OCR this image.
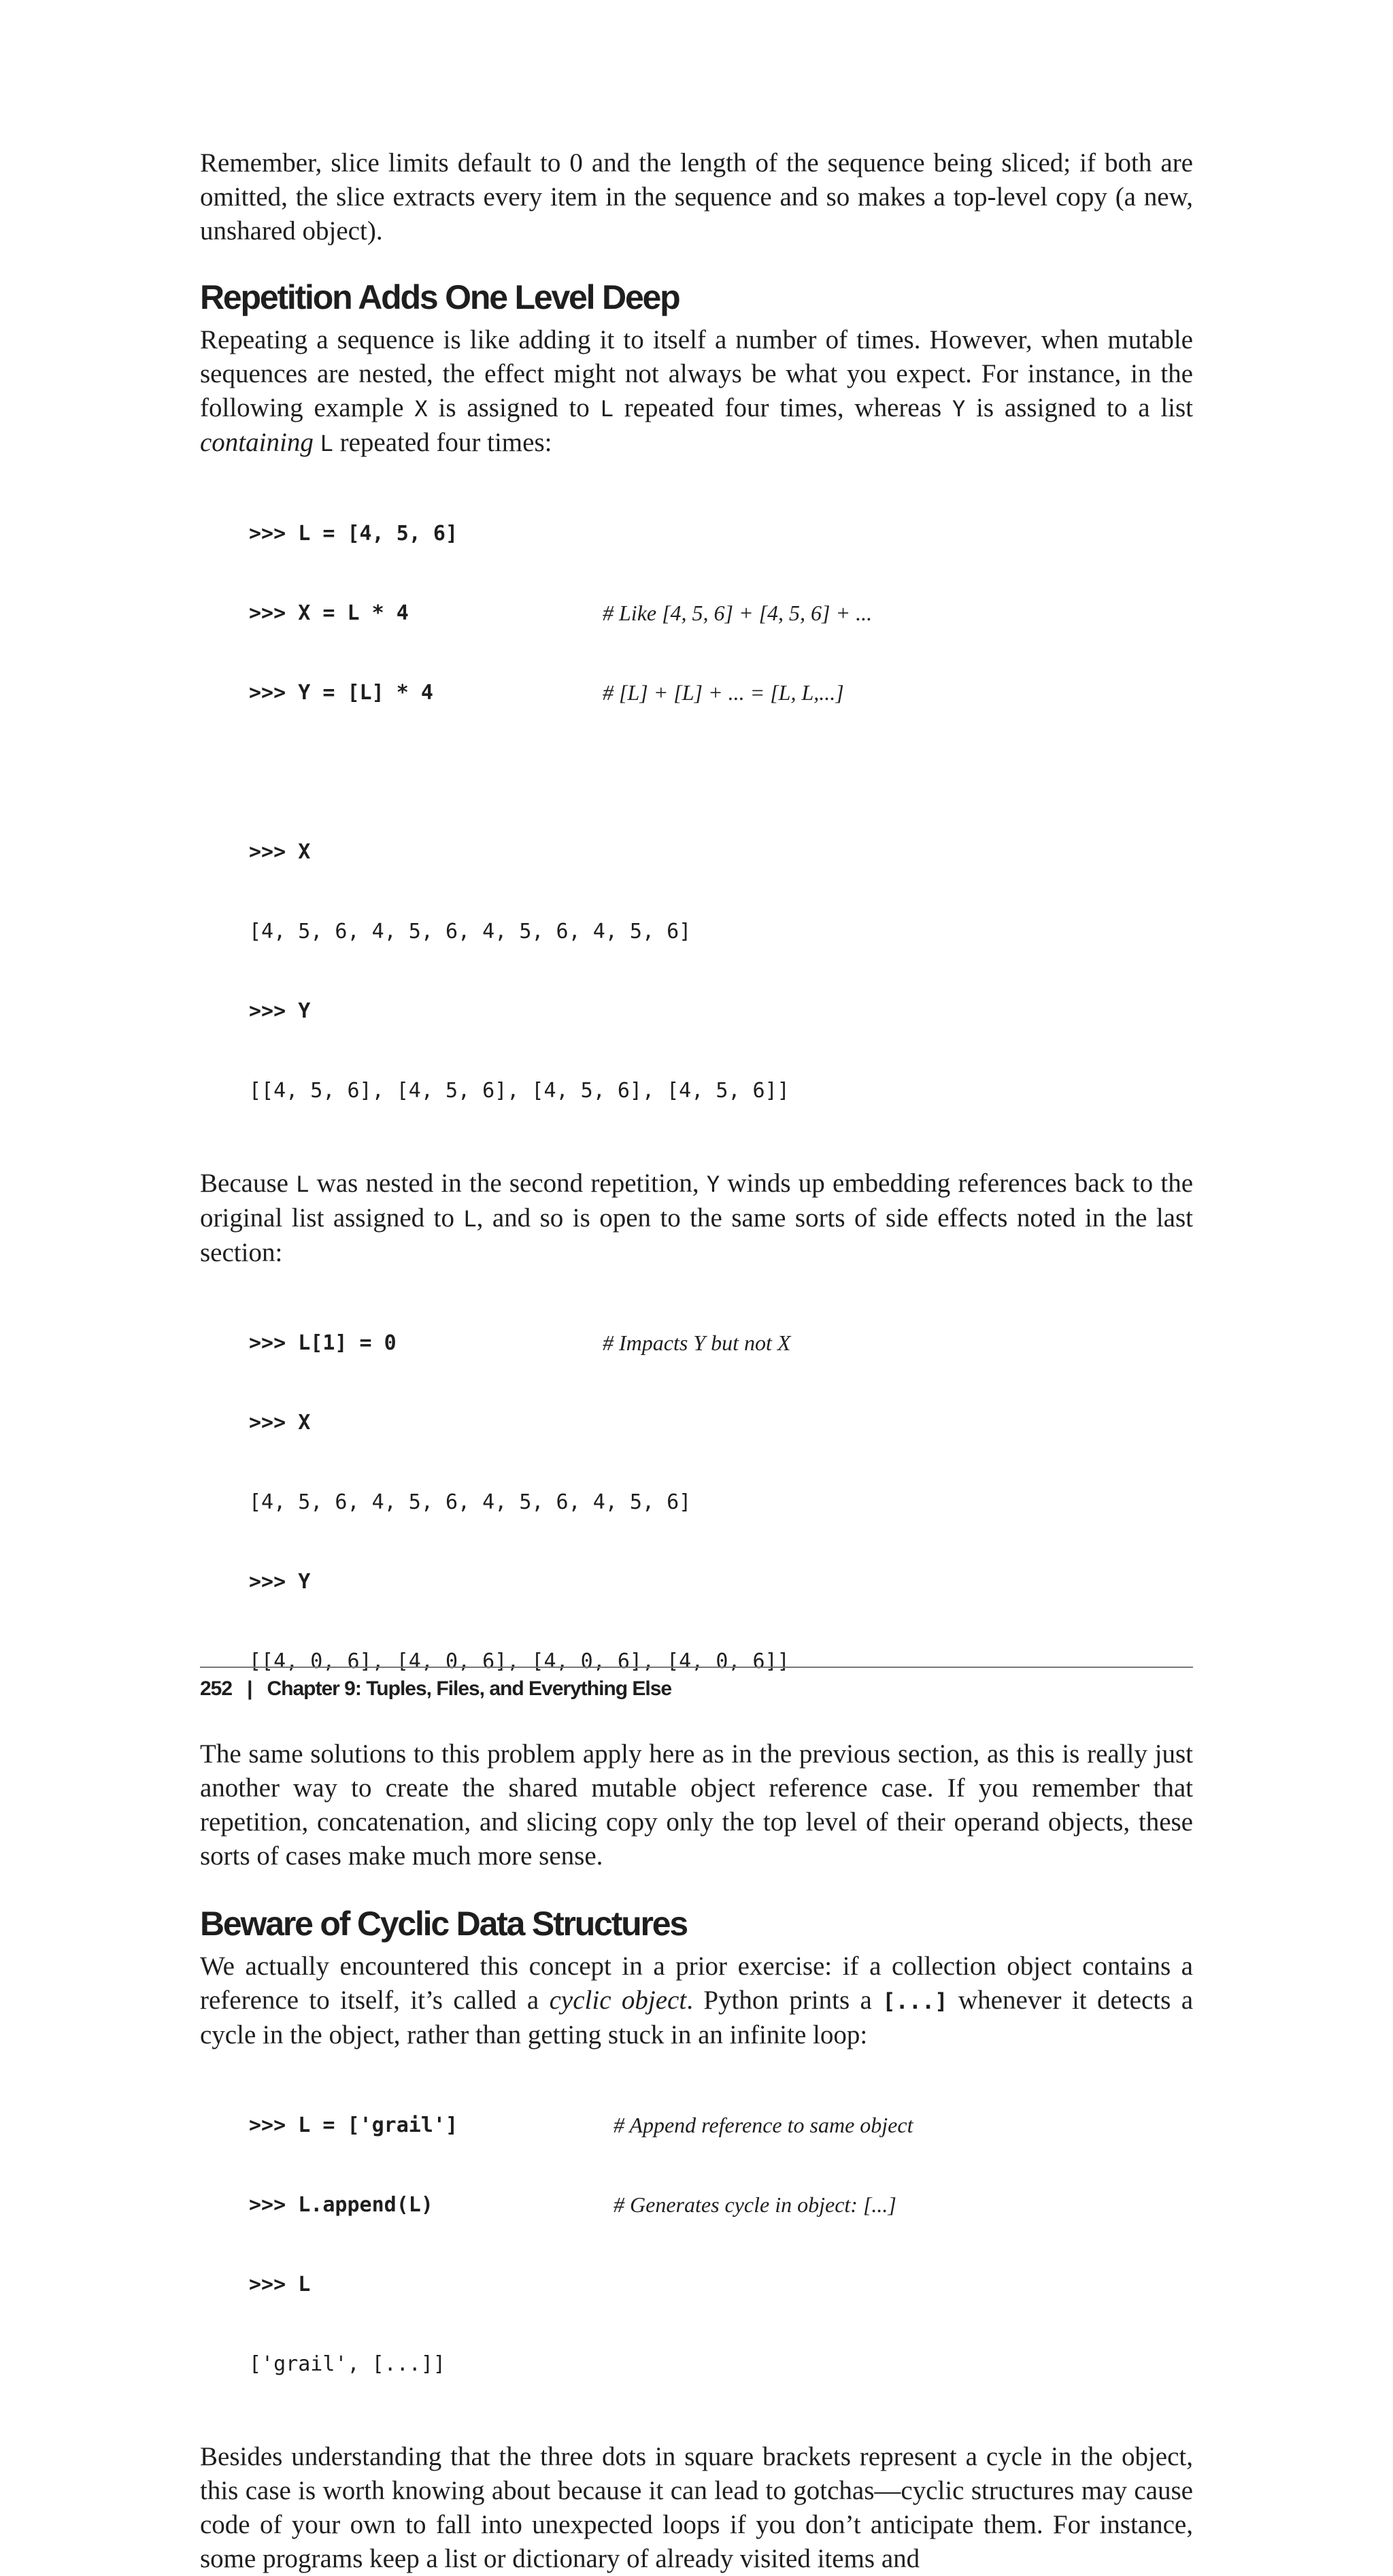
Remember, slice limits default to 0 and the length of the sequence being sliced; if both are omitted, the slice extracts every item in the sequence and so makes a top-level copy (a new, unshared object).

Repetition Adds One Level Deep

Repeating a sequence is like adding it to itself a number of times. However, when mutable sequences are nested, the effect might not always be what you expect. For instance, in the following example X is assigned to L repeated four times, whereas Y is assigned to a list containing L repeated four times:

>>> L = [4, 5, 6]

>>> X = L * 4	# Like [4, 5, 6] + [4, 5, 6] + ...

>>> Y = [L] * 4	# [L] + [L] + ... = [L, L,...]

>>> X

[4, 5, 6, 4, 5, 6, 4, 5, 6, 4, 5, 6]

>>> Y

[[4, 5, 6], [4, 5, 6], [4, 5, 6], [4, 5, 6]]

Because L was nested in the second repetition, Y winds up embedding references back to the original list assigned to L, and so is open to the same sorts of side effects noted in the last section:

>>> L[1] = 0	# Impacts Y but not X

>>> X

[4, 5, 6, 4, 5, 6, 4, 5, 6, 4, 5, 6]

>>> Y

[[4, 0, 6], [4, 0, 6], [4, 0, 6], [4, 0, 6]]

The same solutions to this problem apply here as in the previous section, as this is really just another way to create the shared mutable object reference case. If you remember that repetition, concatenation, and slicing copy only the top level of their operand objects, these sorts of cases make much more sense.

Beware of Cyclic Data Structures

We actually encountered this concept in a prior exercise: if a collection object contains a reference to itself, it’s called a cyclic object. Python prints a [...] whenever it detects a cycle in the object, rather than getting stuck in an infinite loop:

>>> L = ['grail']	# Append reference to same object

>>> L.append(L)	# Generates cycle in object: [...]

>>> L

['grail', [...]]

Besides understanding that the three dots in square brackets represent a cycle in the object, this case is worth knowing about because it can lead to gotchas—cyclic structures may cause code of your own to fall into unexpected loops if you don’t anticipate them. For instance, some programs keep a list or dictionary of already visited items and

252 | Chapter 9: Tuples, Files, and Everything Else
